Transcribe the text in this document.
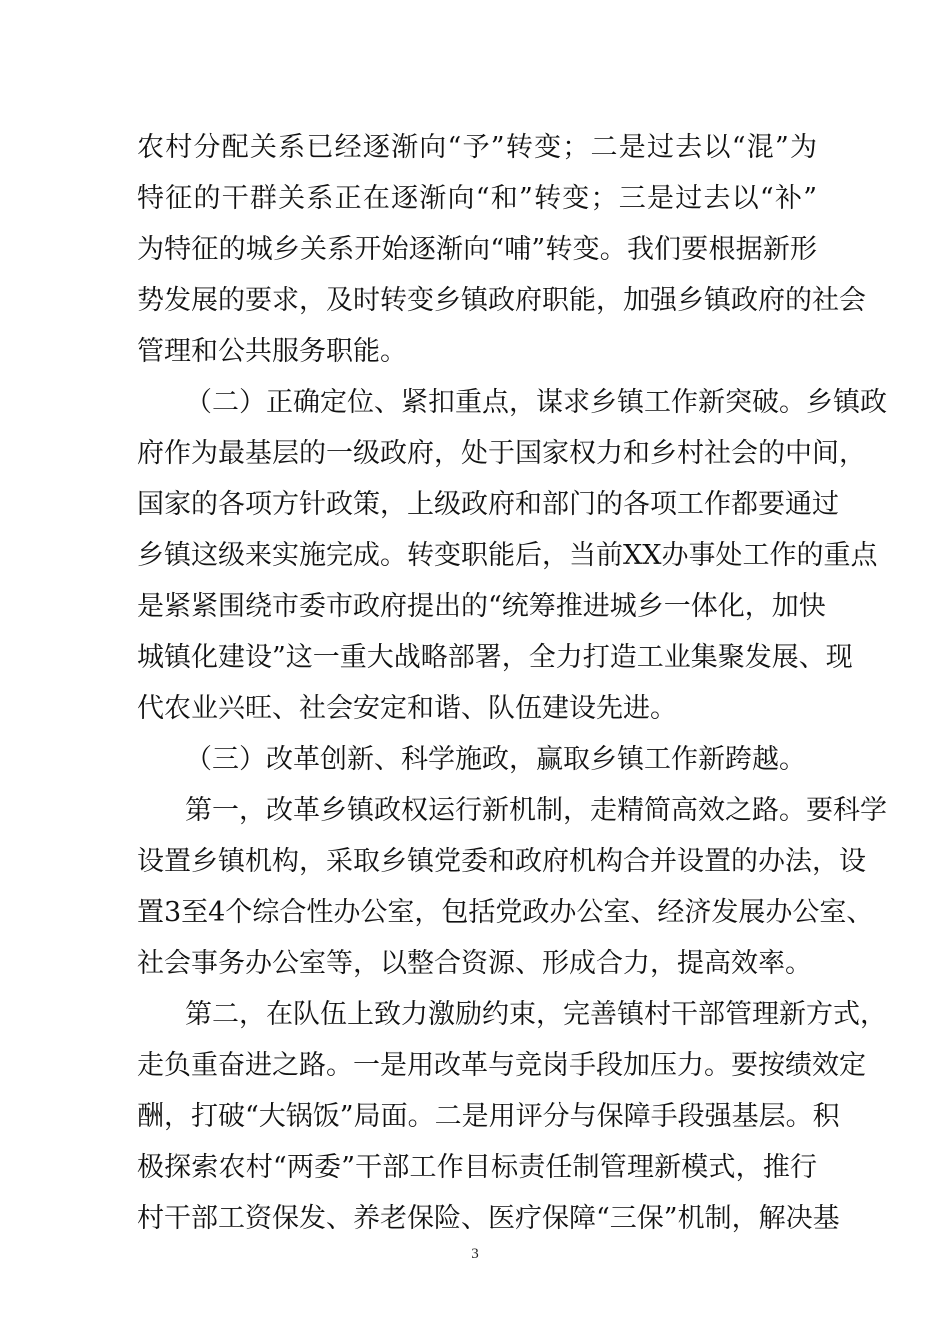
农村分配关系已经逐渐向“予”转变；二是过去以“混”为
特征的干群关系正在逐渐向“和”转变；三是过去以“补”
为特征的城乡关系开始逐渐向“哺”转变。我们要根据新形
势发展的要求，及时转变乡镇政府职能，加强乡镇政府的社会
管理和公共服务职能。
（二）正确定位、紧扣重点，谋求乡镇工作新突破。乡镇政
府作为最基层的一级政府，处于国家权力和乡村社会的中间，
国家的各项方针政策，上级政府和部门的各项工作都要通过
乡镇这级来实施完成。转变职能后，当前XX办事处工作的重点
是紧紧围绕市委市政府提出的“统筹推进城乡一体化，加快
城镇化建设”这一重大战略部署，全力打造工业集聚发展、现
代农业兴旺、社会安定和谐、队伍建设先进。
（三）改革创新、科学施政，赢取乡镇工作新跨越。
第一，改革乡镇政权运行新机制，走精简高效之路。要科学
设置乡镇机构，采取乡镇党委和政府机构合并设置的办法，设
置3至4个综合性办公室，包括党政办公室、经济发展办公室、
社会事务办公室等，以整合资源、形成合力，提高效率。
第二，在队伍上致力激励约束，完善镇村干部管理新方式，
走负重奋进之路。一是用改革与竞岗手段加压力。要按绩效定
酬，打破“大锅饭”局面。二是用评分与保障手段强基层。积
3
极探索农村“两委”干部工作目标责任制管理新模式，推行
村干部工资保发、养老保险、医疗保障“三保”机制，解决基
